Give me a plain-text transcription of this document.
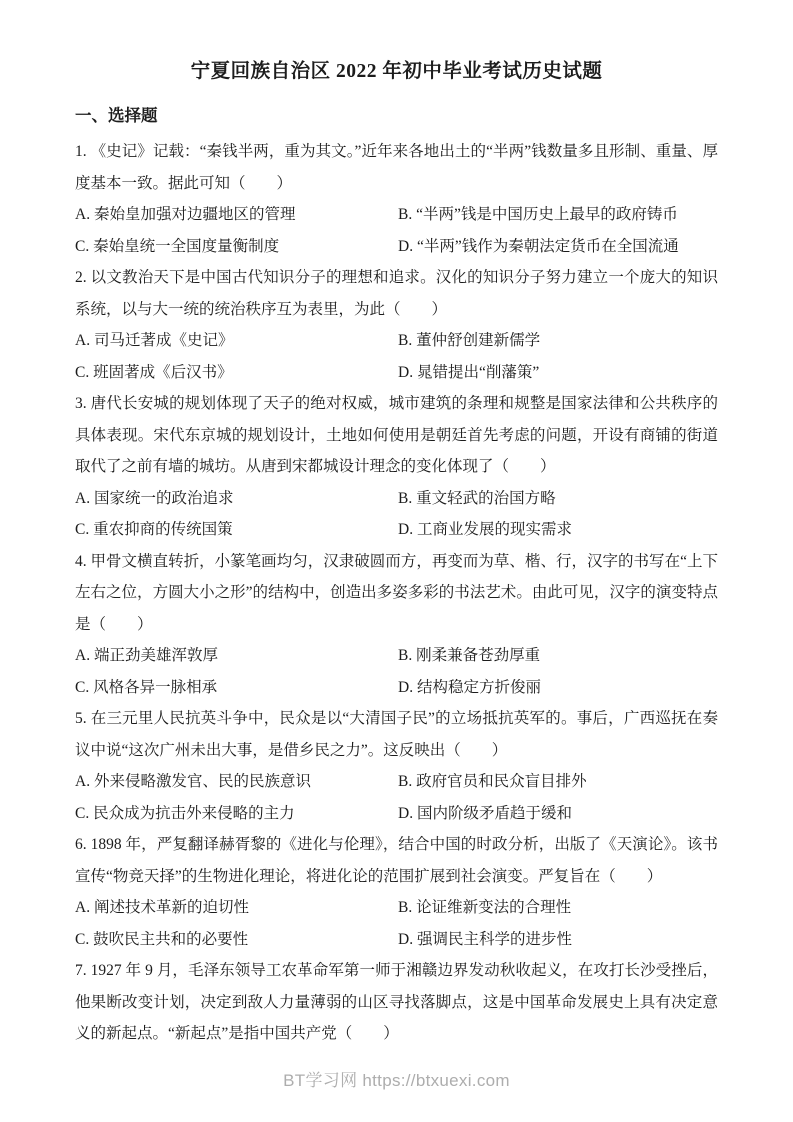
宁夏回族自治区 2022 年初中毕业考试历史试题
一、选择题

1. 《史记》记载：“秦钱半两，重为其文。”近年来各地出土的“半两”钱数量多且形制、重量、厚度基本一致。据此可知（　　）

A. 秦始皇加强对边疆地区的管理	B. “半两”钱是中国历史上最早的政府铸币
C. 秦始皇统一全国度量衡制度	D. “半两”钱作为秦朝法定货币在全国流通

2. 以文教治天下是中国古代知识分子的理想和追求。汉化的知识分子努力建立一个庞大的知识系统，以与大一统的统治秩序互为表里，为此（　　）

A. 司马迁著成《史记》	B. 董仲舒创建新儒学
C. 班固著成《后汉书》	D. 晁错提出“削藩策”

3. 唐代长安城的规划体现了天子的绝对权威，城市建筑的条理和规整是国家法律和公共秩序的具体表现。宋代东京城的规划设计，土地如何使用是朝廷首先考虑的问题，开设有商铺的街道取代了之前有墙的城坊。从唐到宋都城设计理念的变化体现了（　　）

A. 国家统一的政治追求	B. 重文轻武的治国方略
C. 重农抑商的传统国策	D. 工商业发展的现实需求

4. 甲骨文横直转折，小篆笔画均匀，汉隶破圆而方，再变而为草、楷、行，汉字的书写在“上下左右之位，方圆大小之形”的结构中，创造出多姿多彩的书法艺术。由此可见，汉字的演变特点是（　　）

A. 端正劲美雄浑敦厚	B. 刚柔兼备苍劲厚重
C. 风格各异一脉相承	D. 结构稳定方折俊丽

5. 在三元里人民抗英斗争中，民众是以“大清国子民”的立场抵抗英军的。事后，广西巡抚在奏议中说“这次广州未出大事，是借乡民之力”。这反映出（　　）

A. 外来侵略激发官、民的民族意识	B. 政府官员和民众盲目排外
C. 民众成为抗击外来侵略的主力	D. 国内阶级矛盾趋于缓和

6. 1898 年，严复翻译赫胥黎的《进化与伦理》，结合中国的时政分析，出版了《天演论》。该书宣传“物竞天择”的生物进化理论，将进化论的范围扩展到社会演变。严复旨在（　　）

A. 阐述技术革新的迫切性	B. 论证维新变法的合理性
C. 鼓吹民主共和的必要性	D. 强调民主科学的进步性

7. 1927 年 9 月，毛泽东领导工农革命军第一师于湘赣边界发动秋收起义，在攻打长沙受挫后，他果断改变计划，决定到敌人力量薄弱的山区寻找落脚点，这是中国革命发展史上具有决定意义的新起点。“新起点”是指中国共产党（　　）

BT学习网 https://btxuexi.com
